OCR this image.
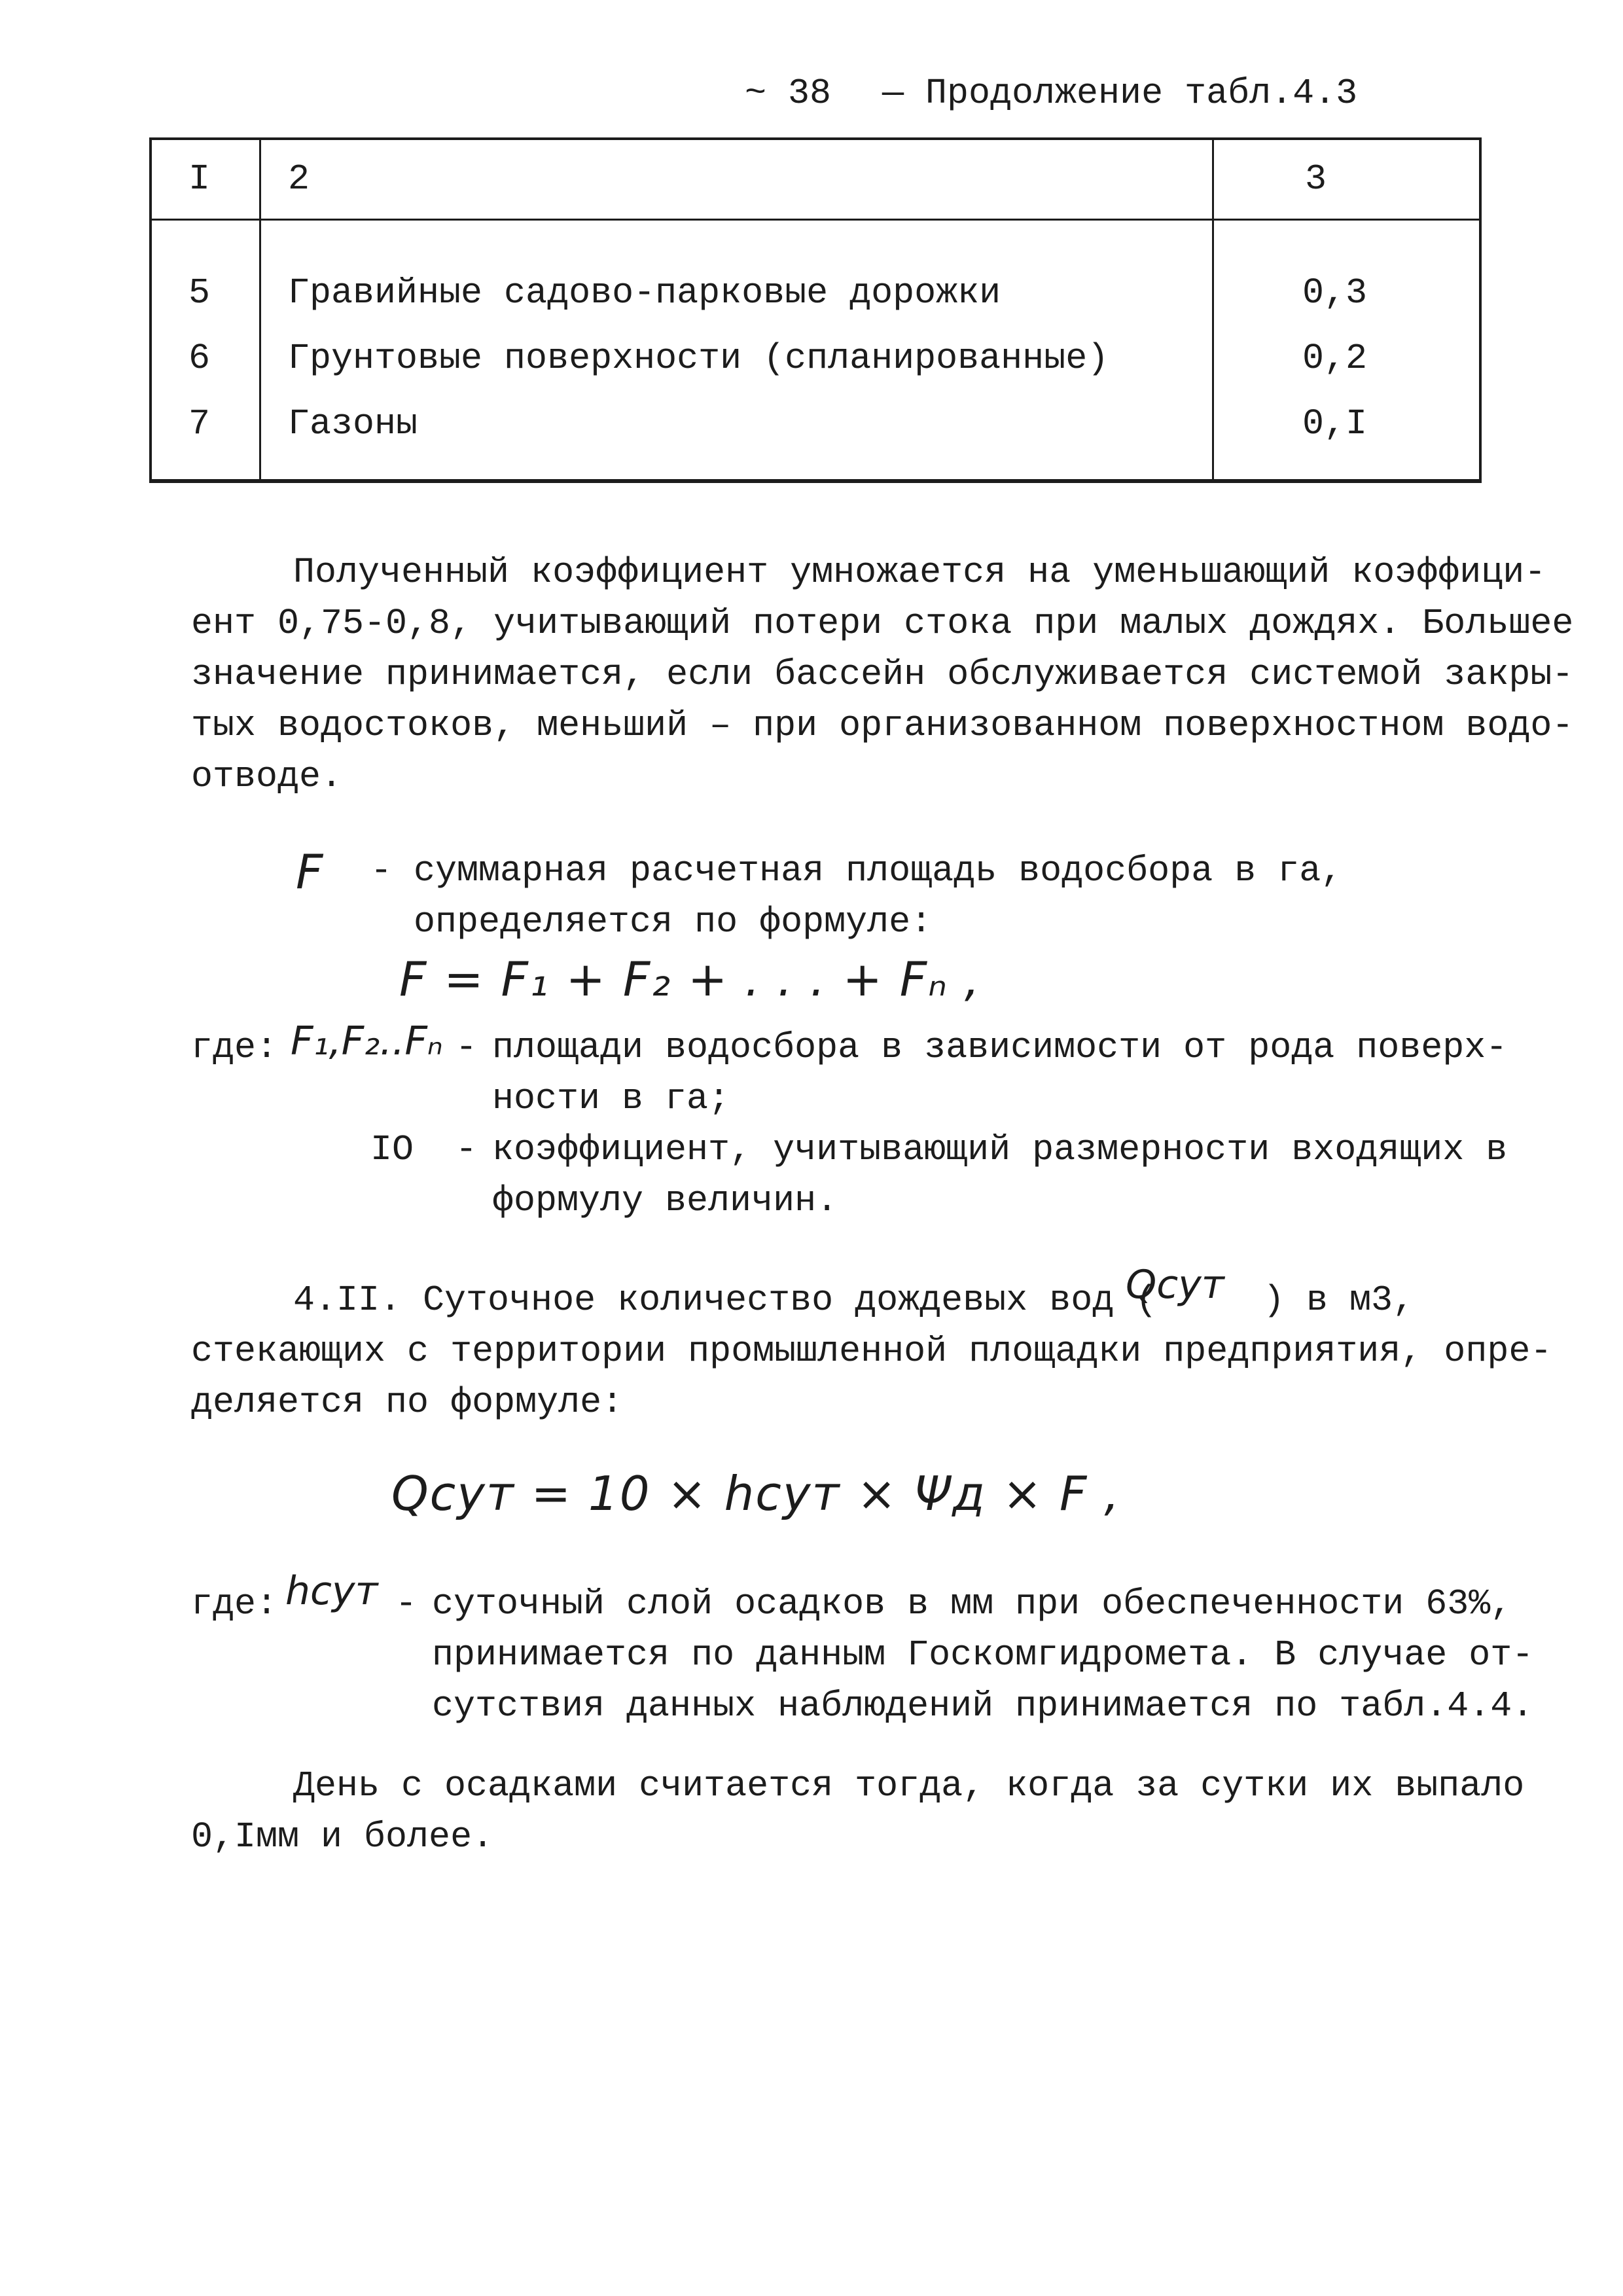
~ 38 — Продолжение табл.4.3
I 2	3
5 Гравийные садово-парковые дорожки	0,3
6 Грунтовые поверхности (спланированные)	0,2
7 Газоны	0,I
Полученный коэффициент умножается на уменьшающий коэффици-
ент 0,75-0,8, учитывающий потери стока при малых дождях. Большее
значение принимается, если бассейн обслуживается системой закры-
тых водостоков, меньший – при организованном поверхностном водо-
отводе.
F - суммарная расчетная площадь водосбора в га,
определяется по формуле:
F = F₁ + F₂ + . . . + Fₙ ,
где: F₁,F₂..Fₙ - площади водосбора в зависимости от рода поверх-
ности в га;
IO - коэффициент, учитывающий размерности входящих в
формулу величин.
4.II. Суточное количество дождевых вод (
Qсут ) в м3,
стекающих с территории промышленной площадки предприятия, опре-
деляется по формуле:
Qсут = 10 × hсут × Ψд × F ,
где: hсут - суточный слой осадков в мм при обеспеченности 63%,
принимается по данным Госкомгидромета. В случае от-
сутствия данных наблюдений принимается по табл.4.4.
День с осадками считается тогда, когда за сутки их выпало
0,Iмм и более.
